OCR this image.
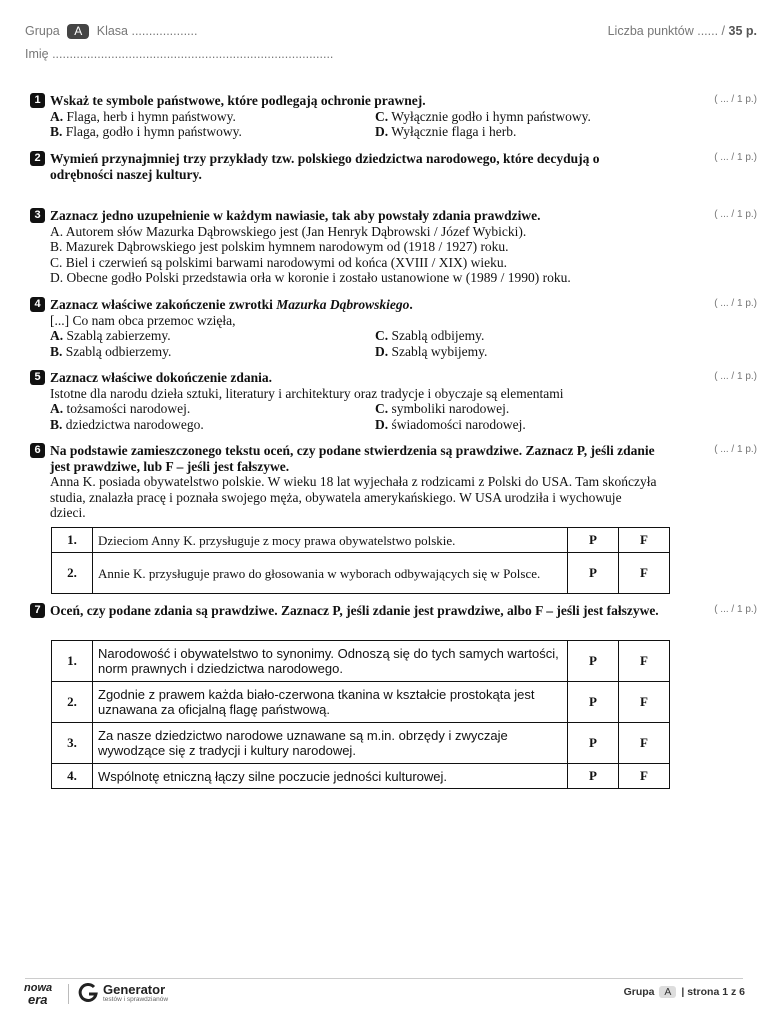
Grupa A Klasa ...................	Liczba punktów ...... / 35 p.
Imię .................................................................................
1 Wskaż te symbole państwowe, które podlegają ochronie prawnej.
A. Flaga, herb i hymn państwowy.	C. Wyłącznie godło i hymn państwowy.
B. Flaga, godło i hymn państwowy.	D. Wyłącznie flaga i herb.
( ... / 1 p.)
2 Wymień przynajmniej trzy przykłady tzw. polskiego dziedzictwa narodowego, które decydują o odrębności naszej kultury.
( ... / 1 p.)
3 Zaznacz jedno uzupełnienie w każdym nawiasie, tak aby powstały zdania prawdziwe.
A. Autorem słów Mazurka Dąbrowskiego jest (Jan Henryk Dąbrowski / Józef Wybicki).
B. Mazurek Dąbrowskiego jest polskim hymnem narodowym od (1918 / 1927) roku.
C. Biel i czerwień są polskimi barwami narodowymi od końca (XVIII / XIX) wieku.
D. Obecne godło Polski przedstawia orła w koronie i zostało ustanowione w (1989 / 1990) roku.
( ... / 1 p.)
4 Zaznacz właściwe zakończenie zwrotki Mazurka Dąbrowskiego.
[...] Co nam obca przemoc wzięła,
A. Szablą zabierzemy.	C. Szablą odbijemy.
B. Szablą odbierzemy.	D. Szablą wybijemy.
( ... / 1 p.)
5 Zaznacz właściwe dokończenie zdania.
Istotne dla narodu dzieła sztuki, literatury i architektury oraz tradycje i obyczaje są elementami
A. tożsamości narodowej.	C. symboliki narodowej.
B. dziedzictwa narodowego.	D. świadomości narodowej.
( ... / 1 p.)
6 Na podstawie zamieszczonego tekstu oceń, czy podane stwierdzenia są prawdziwe. Zaznacz P, jeśli zdanie jest prawdziwe, lub F – jeśli jest fałszywe.
Anna K. posiada obywatelstwo polskie. W wieku 18 lat wyjechała z rodzicami z Polski do USA. Tam skończyła studia, znalazła pracę i poznała swojego męża, obywatela amerykańskiego. W USA urodziła i wychowuje dzieci.
( ... / 1 p.)
1.	Dzieciom Anny K. przysługuje z mocy prawa obywatelstwo polskie.	P	F
2.	Annie K. przysługuje prawo do głosowania w wyborach odbywających się w Polsce.	P	F
7 Oceń, czy podane zdania są prawdziwe. Zaznacz P, jeśli zdanie jest prawdziwe, albo F – jeśli jest fałszywe.	( ... / 1 p.)
1.	Narodowość i obywatelstwo to synonimy. Odnoszą się do tych samych wartości, norm prawnych i dziedzictwa narodowego.	P	F
2.	Zgodnie z prawem każda biało-czerwona tkanina w kształcie prostokąta jest uznawana za oficjalną flagę państwową.	P	F
3.	Za nasze dziedzictwo narodowe uznawane są m.in. obrzędy i zwyczaje wywodzące się z tradycji i kultury narodowej.	P	F
4.	Wspólnotę etniczną łączy silne poczucie jedności kulturowej.	P	F
nowa
era
Generator
testów i sprawdzianów
Grupa A | strona 1 z 6
